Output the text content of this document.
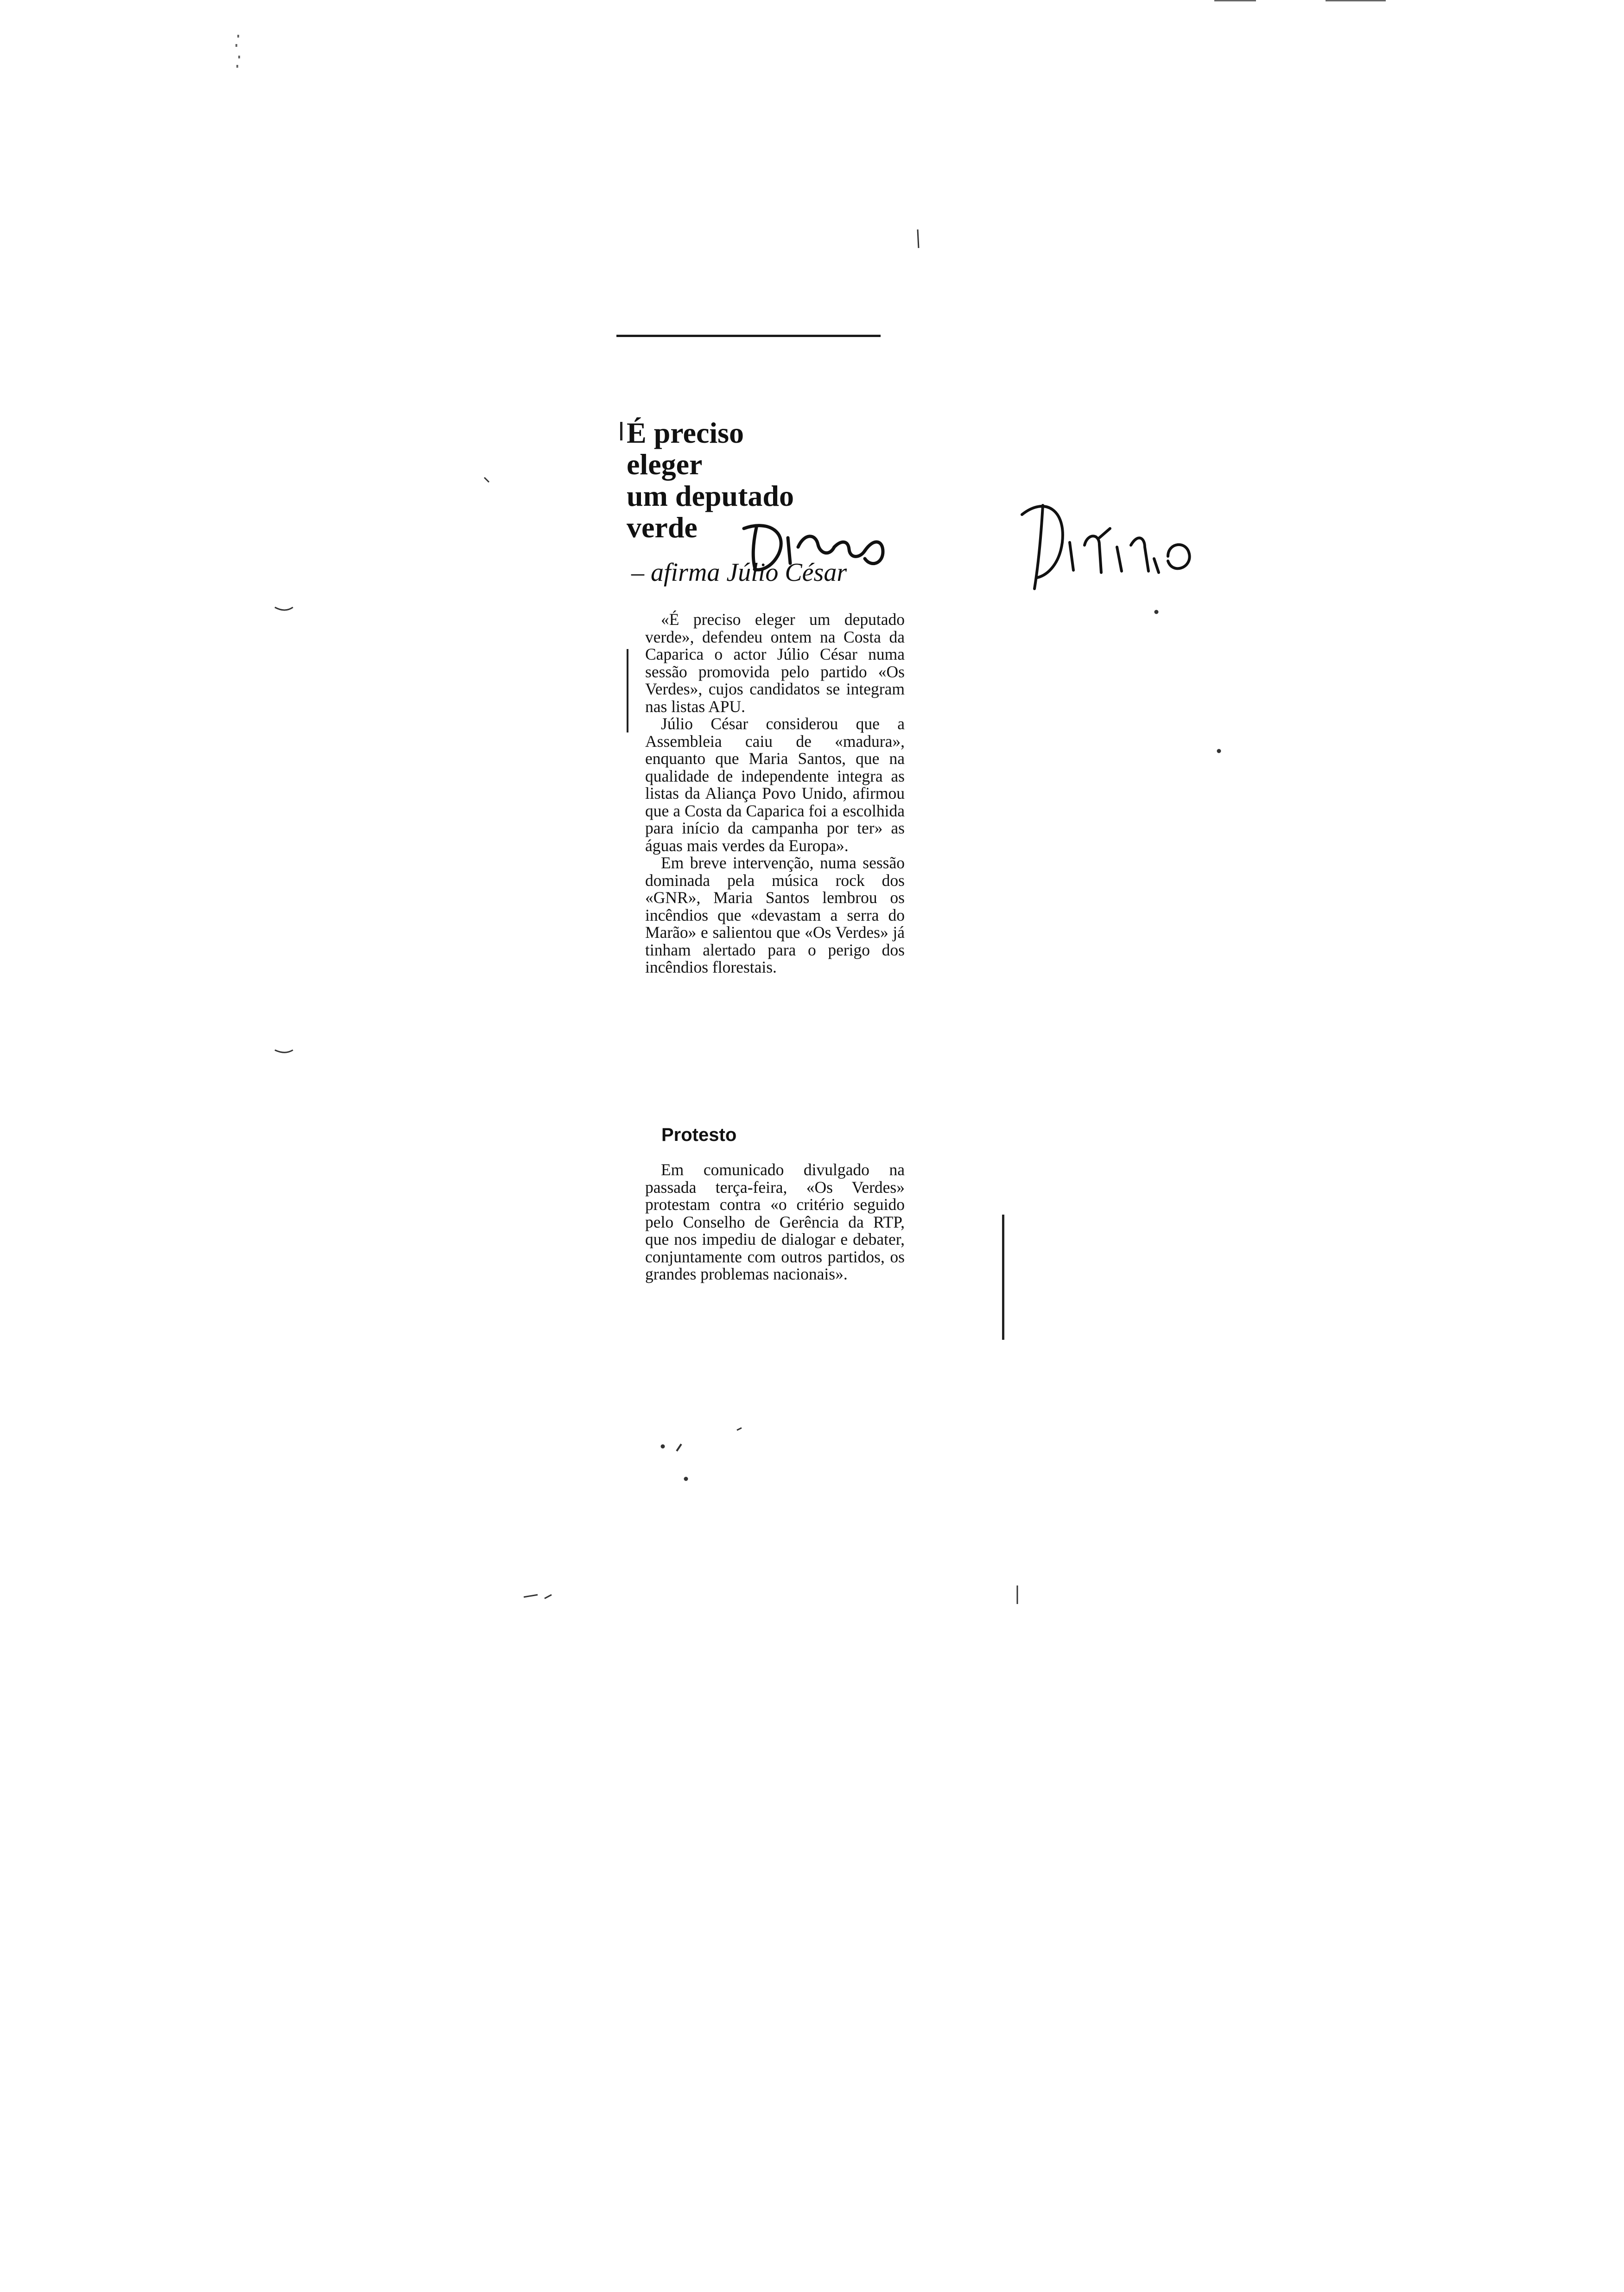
É preciso
eleger
um deputado
verde
– afirma Júlio César

«É preciso eleger um deputado verde», defendeu ontem na Costa da Caparica o actor Júlio César numa sessão promovida pelo partido «Os Verdes», cujos candidatos se integram nas listas APU.

Júlio César considerou que a Assembleia caiu de «madura», enquanto que Maria Santos, que na qualidade de independente integra as listas da Aliança Povo Unido, afirmou que a Costa da Caparica foi a escolhida para início da campanha por ter» as águas mais verdes da Europa».

Em breve intervenção, numa sessão dominada pela música rock dos «GNR», Maria Santos lembrou os incêndios que «devastam a serra do Marão» e salientou que «Os Verdes» já tinham alertado para o perigo dos incêndios florestais.

Protesto

Em comunicado divulgado na passada terça-feira, «Os Verdes» protestam contra «o critério seguido pelo Conselho de Gerência da RTP, que nos impediu de dialogar e debater, conjuntamente com outros partidos, os grandes problemas nacionais».
